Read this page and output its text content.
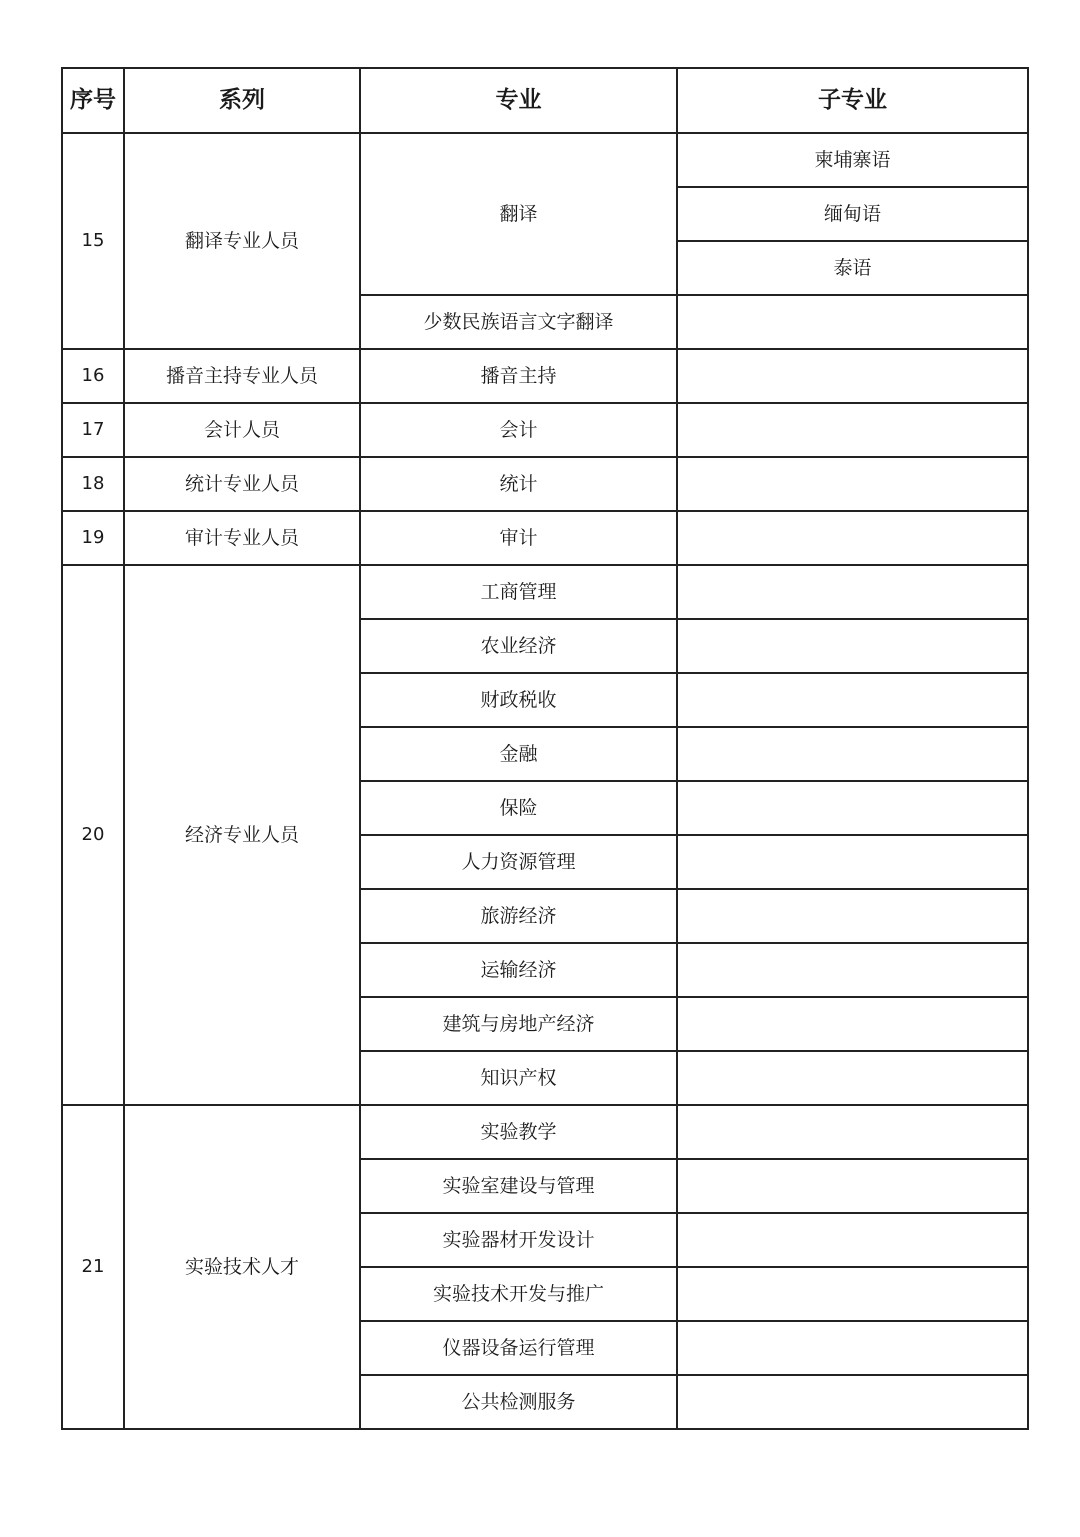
序号	系列	专业	子专业
15	翻译专业人员	翻译	柬埔寨语
			缅甸语
			泰语
		少数民族语言文字翻译	
16	播音主持专业人员	播音主持	
17	会计人员	会计	
18	统计专业人员	统计	
19	审计专业人员	审计	
20	经济专业人员	工商管理	
		农业经济	
		财政税收	
		金融	
		保险	
		人力资源管理	
		旅游经济	
		运输经济	
		建筑与房地产经济	
		知识产权	
21	实验技术人才	实验教学	
		实验室建设与管理	
		实验器材开发设计	
		实验技术开发与推广	
		仪器设备运行管理	
		公共检测服务	
